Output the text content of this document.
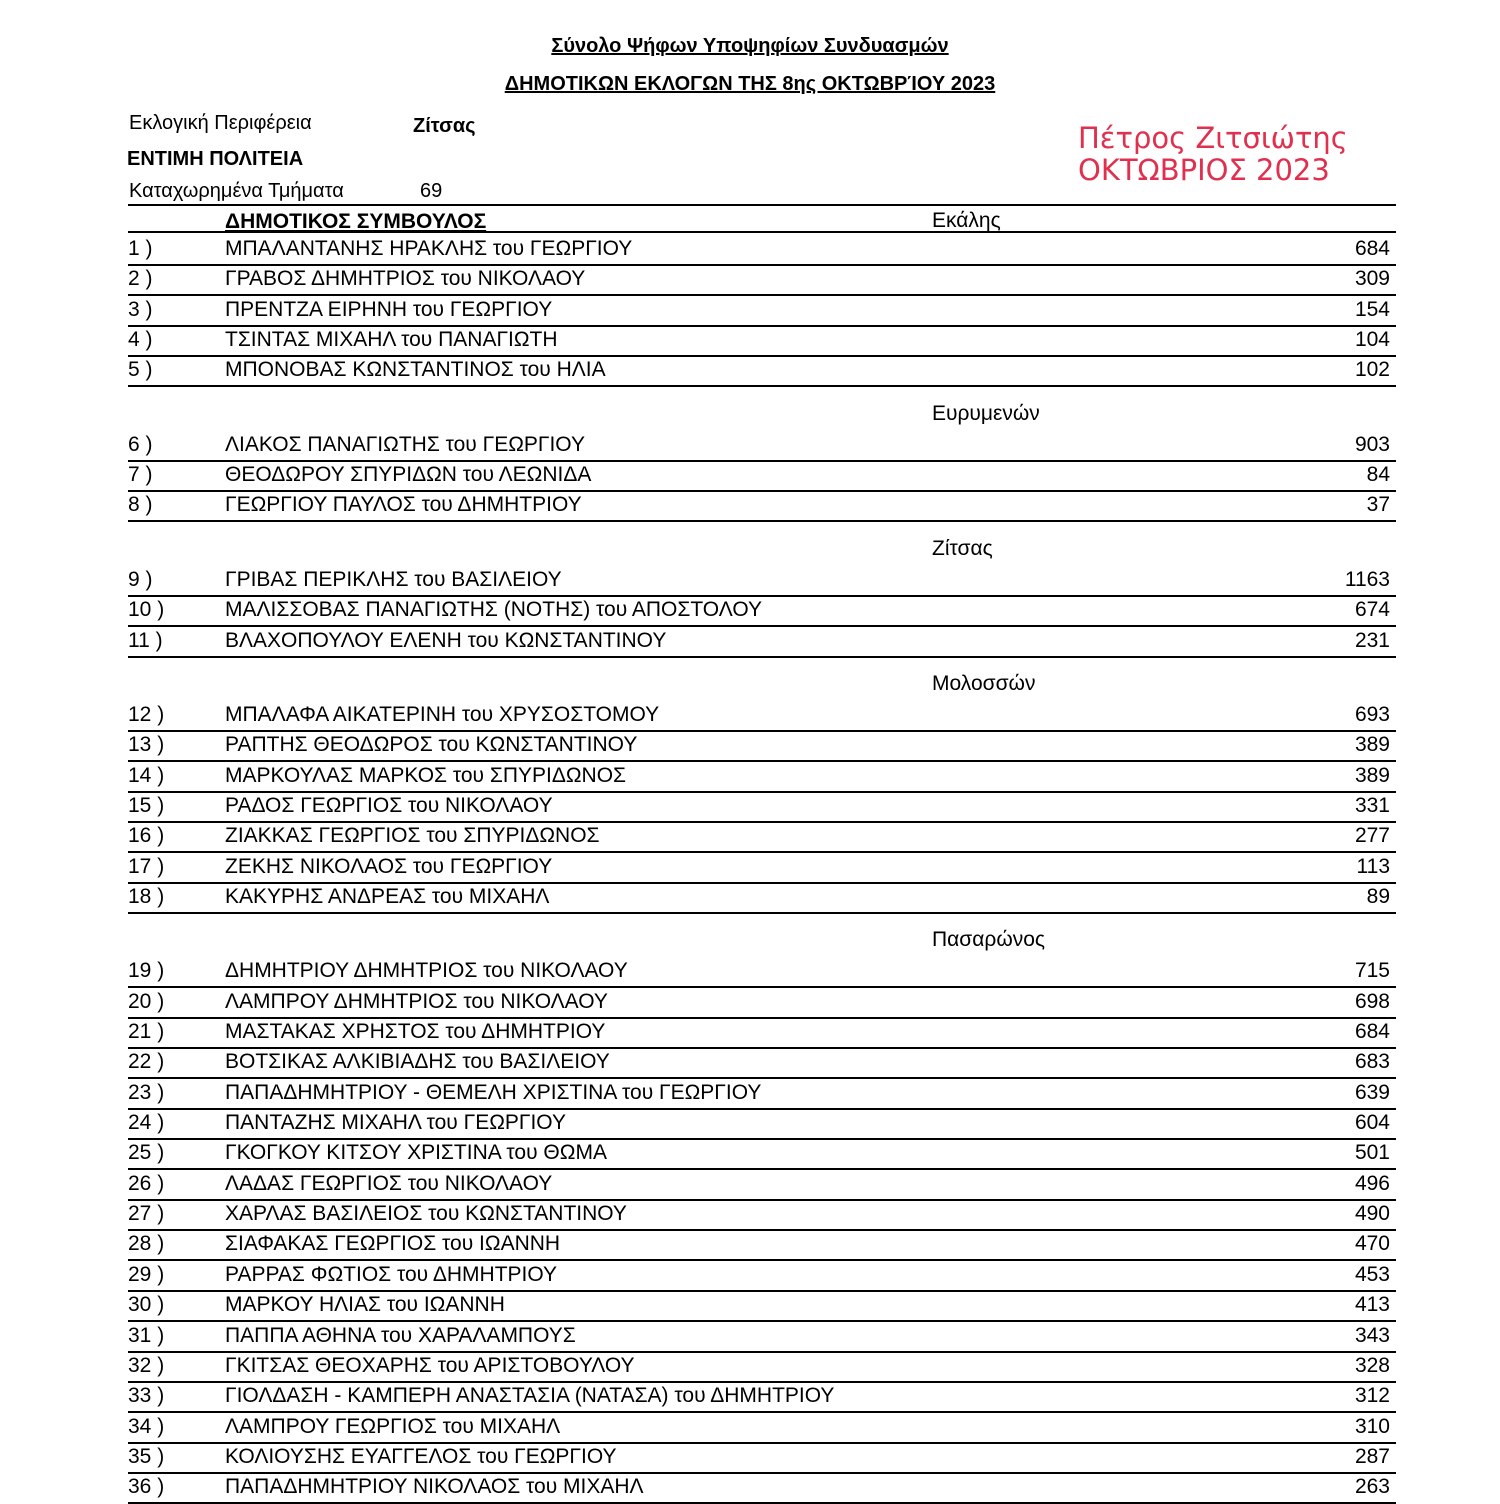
Σύνολο Ψήφων Υποψηφίων Συνδυασμών
ΔΗΜΟΤΙΚΩΝ ΕΚΛΟΓΩΝ ΤΗΣ 8ης ΟΚΤΩΒΡΊΟΥ 2023
Εκλογική Περιφέρεια	Ζίτσας
ΕΝΤΙΜΗ ΠΟΛΙΤΕΙΑ
Καταχωρημένα Τμήματα	69
Πέτρος Ζιτσιώτης
ΟΚΤΩΒΡΙΟΣ 2023
ΔΗΜΟΤΙΚΟΣ ΣΥΜΒΟΥΛΟΣ	Εκάλης
1 )	ΜΠΑΛΑΝΤΑΝΗΣ ΗΡΑΚΛΗΣ του ΓΕΩΡΓΙΟΥ	684
2 )	ΓΡΑΒΟΣ ΔΗΜΗΤΡΙΟΣ του ΝΙΚΟΛΑΟΥ	309
3 )	ΠΡΕΝΤΖΑ ΕΙΡΗΝΗ του ΓΕΩΡΓΙΟΥ	154
4 )	ΤΣΙΝΤΑΣ ΜΙΧΑΗΛ του ΠΑΝΑΓΙΩΤΗ	104
5 )	ΜΠΟΝΟΒΑΣ ΚΩΝΣΤΑΝΤΙΝΟΣ του ΗΛΙΑ	102
Ευρυμενών
6 )	ΛΙΑΚΟΣ ΠΑΝΑΓΙΩΤΗΣ του ΓΕΩΡΓΙΟΥ	903
7 )	ΘΕΟΔΩΡΟΥ ΣΠΥΡΙΔΩΝ του ΛΕΩΝΙΔΑ	84
8 )	ΓΕΩΡΓΙΟΥ ΠΑΥΛΟΣ του ΔΗΜΗΤΡΙΟΥ	37
Ζίτσας
9 )	ΓΡΙΒΑΣ ΠΕΡΙΚΛΗΣ του ΒΑΣΙΛΕΙΟΥ	1163
10 )	ΜΑΛΙΣΣΟΒΑΣ ΠΑΝΑΓΙΩΤΗΣ (ΝΟΤΗΣ) του ΑΠΟΣΤΟΛΟΥ	674
11 )	ΒΛΑΧΟΠΟΥΛΟΥ ΕΛΕΝΗ του ΚΩΝΣΤΑΝΤΙΝΟΥ	231
Μολοσσών
12 )	ΜΠΑΛΑΦΑ ΑΙΚΑΤΕΡΙΝΗ του ΧΡΥΣΟΣΤΟΜΟΥ	693
13 )	ΡΑΠΤΗΣ ΘΕΟΔΩΡΟΣ του ΚΩΝΣΤΑΝΤΙΝΟΥ	389
14 )	ΜΑΡΚΟΥΛΑΣ ΜΑΡΚΟΣ του ΣΠΥΡΙΔΩΝΟΣ	389
15 )	ΡΑΔΟΣ ΓΕΩΡΓΙΟΣ του ΝΙΚΟΛΑΟΥ	331
16 )	ΖΙΑΚΚΑΣ ΓΕΩΡΓΙΟΣ του ΣΠΥΡΙΔΩΝΟΣ	277
17 )	ΖΕΚΗΣ ΝΙΚΟΛΑΟΣ του ΓΕΩΡΓΙΟΥ	113
18 )	ΚΑΚΥΡΗΣ ΑΝΔΡΕΑΣ του ΜΙΧΑΗΛ	89
Πασαρώνος
19 )	ΔΗΜΗΤΡΙΟΥ ΔΗΜΗΤΡΙΟΣ του ΝΙΚΟΛΑΟΥ	715
20 )	ΛΑΜΠΡΟΥ ΔΗΜΗΤΡΙΟΣ του ΝΙΚΟΛΑΟΥ	698
21 )	ΜΑΣΤΑΚΑΣ ΧΡΗΣΤΟΣ του ΔΗΜΗΤΡΙΟΥ	684
22 )	ΒΟΤΣΙΚΑΣ ΑΛΚΙΒΙΑΔΗΣ του ΒΑΣΙΛΕΙΟΥ	683
23 )	ΠΑΠΑΔΗΜΗΤΡΙΟΥ - ΘΕΜΕΛΗ ΧΡΙΣΤΙΝΑ του ΓΕΩΡΓΙΟΥ	639
24 )	ΠΑΝΤΑΖΗΣ ΜΙΧΑΗΛ του ΓΕΩΡΓΙΟΥ	604
25 )	ΓΚΟΓΚΟΥ ΚΙΤΣΟΥ ΧΡΙΣΤΙΝΑ του ΘΩΜΑ	501
26 )	ΛΑΔΑΣ ΓΕΩΡΓΙΟΣ του ΝΙΚΟΛΑΟΥ	496
27 )	ΧΑΡΛΑΣ ΒΑΣΙΛΕΙΟΣ του ΚΩΝΣΤΑΝΤΙΝΟΥ	490
28 )	ΣΙΑΦΑΚΑΣ ΓΕΩΡΓΙΟΣ του ΙΩΑΝΝΗ	470
29 )	ΡΑΡΡΑΣ ΦΩΤΙΟΣ του ΔΗΜΗΤΡΙΟΥ	453
30 )	ΜΑΡΚΟΥ ΗΛΙΑΣ του ΙΩΑΝΝΗ	413
31 )	ΠΑΠΠΑ ΑΘΗΝΑ του ΧΑΡΑΛΑΜΠΟΥΣ	343
32 )	ΓΚΙΤΣΑΣ ΘΕΟΧΑΡΗΣ του ΑΡΙΣΤΟΒΟΥΛΟΥ	328
33 )	ΓΙΟΛΔΑΣΗ - ΚΑΜΠΕΡΗ ΑΝΑΣΤΑΣΙΑ (ΝΑΤΑΣΑ) του ΔΗΜΗΤΡΙΟΥ	312
34 )	ΛΑΜΠΡΟΥ ΓΕΩΡΓΙΟΣ του ΜΙΧΑΗΛ	310
35 )	ΚΟΛΙΟΥΣΗΣ ΕΥΑΓΓΕΛΟΣ του ΓΕΩΡΓΙΟΥ	287
36 )	ΠΑΠΑΔΗΜΗΤΡΙΟΥ ΝΙΚΟΛΑΟΣ του ΜΙΧΑΗΛ	263
